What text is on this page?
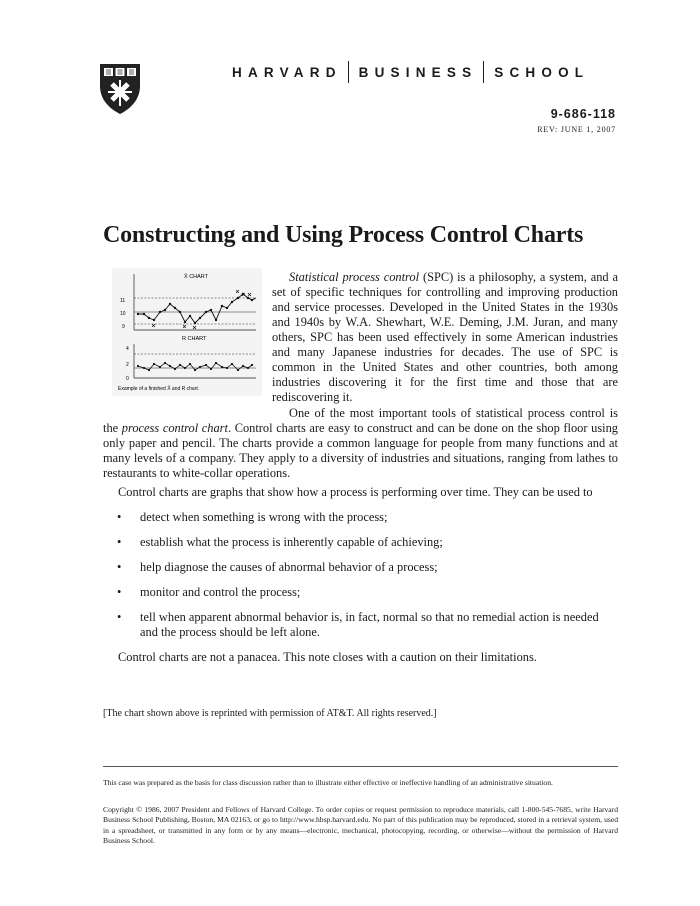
HARVARD BUSINESS SCHOOL
9-686-118
REV: JUNE 1, 2007
Constructing and Using Process Control Charts
X̄ CHART
11
10
9
R CHART
4
2
0
Example of a finished X̄ and R chart.

Statistical process control (SPC) is a philosophy, a system, and a set of specific techniques for controlling and improving production and service processes. Developed in the United States in the 1930s and 1940s by W.A. Shewhart, W.E. Deming, J.M. Juran, and many others, SPC has been used effectively in some American industries and many Japanese industries for decades. The use of SPC is common in the United States and other countries, both among industries discovering it for the first time and those that are rediscovering it.

One of the most important tools of statistical process control is the process control chart. Control charts are easy to construct and can be done on the shop floor using only paper and pencil. The charts provide a common language for people from many functions and at many levels of a company. They apply to a diversity of industries and situations, ranging from lathes to restaurants to white-collar operations.

Control charts are graphs that show how a process is performing over time. They can be used to

• detect when something is wrong with the process;
• establish what the process is inherently capable of achieving;
• help diagnose the causes of abnormal behavior of a process;
• monitor and control the process;
• tell when apparent abnormal behavior is, in fact, normal so that no remedial action is needed and the process should be left alone.

Control charts are not a panacea. This note closes with a caution on their limitations.

[The chart shown above is reprinted with permission of AT&T. All rights reserved.]

This case was prepared as the basis for class discussion rather than to illustrate either effective or ineffective handling of an administrative situation.

Copyright © 1986, 2007 President and Fellows of Harvard College. To order copies or request permission to reproduce materials, call 1-800-545-7685, write Harvard Business School Publishing, Boston, MA 02163, or go to http://www.hbsp.harvard.edu. No part of this publication may be reproduced, stored in a retrieval system, used in a spreadsheet, or transmitted in any form or by any means—electronic, mechanical, photocopying, recording, or otherwise—without the permission of Harvard Business School.
